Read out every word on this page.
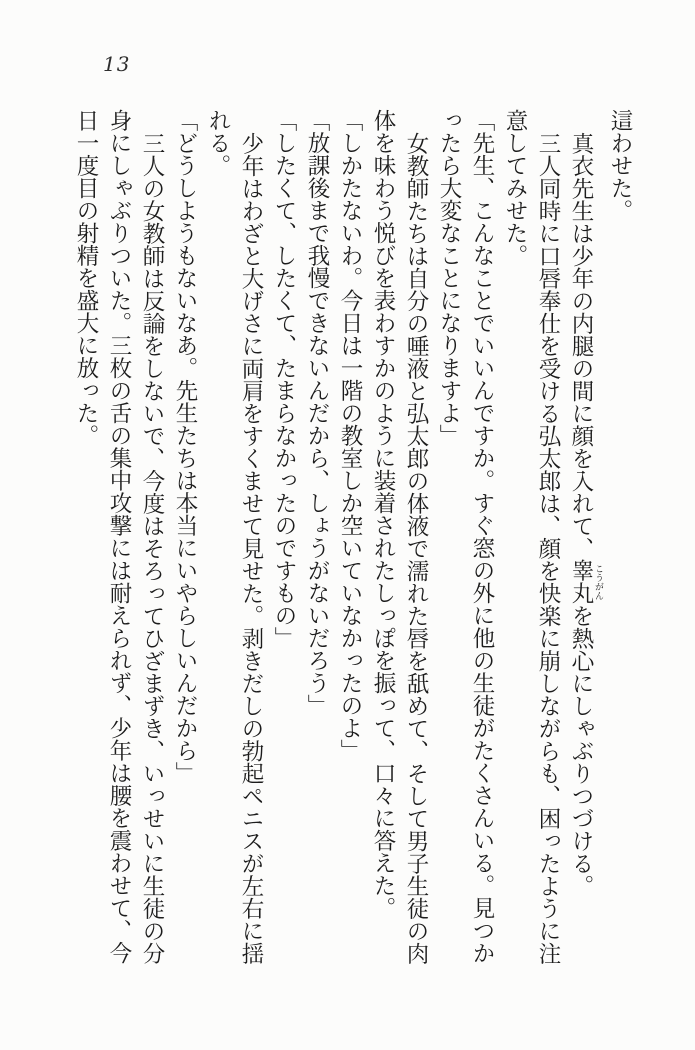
13

這わせた。

真衣先生は少年の内腿の間に顔を入れて、睾丸 こうがんを熱心にしゃぶりつづける。

三人同時に口唇奉仕を受ける弘太郎は、顔を快楽に崩しながらも、困ったように注意してみせた。

「先生、こんなことでいいんですか。すぐ窓の外に他の生徒がたくさんいる。見つかったら大変なことになりますよ」

女教師たちは自分の唾液と弘太郎の体液で濡れた唇を舐めて、そして男子生徒の肉体を味わう悦びを表わすかのように装着されたしっぽを振って、口々に答えた。

「しかたないわ。今日は一階の教室しか空いていなかったのよ」

「放課後まで我慢できないんだから、しょうがないだろう」

「したくて、したくて、たまらなかったのですもの」

少年はわざと大げさに両肩をすくませて見せた。剥きだしの勃起ペニスが左右に揺れる。

「どうしようもないなあ。先生たちは本当にいやらしいんだから」

三人の女教師は反論をしないで、今度はそろってひざまずき、いっせいに生徒の分身にしゃぶりついた。三枚の舌の集中攻撃には耐えられず、少年は腰を震わせて、今日一度目の射精を盛大に放った。
